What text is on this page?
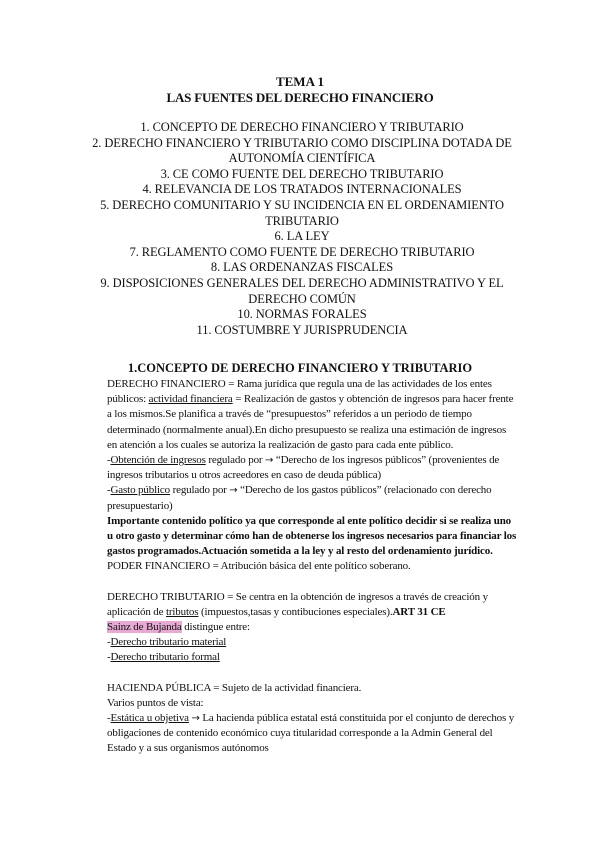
TEMA 1
LAS FUENTES DEL DERECHO FINANCIERO
1. CONCEPTO DE DERECHO FINANCIERO Y TRIBUTARIO
2. DERECHO FINANCIERO Y TRIBUTARIO COMO DISCIPLINA DOTADA DE AUTONOMÍA CIENTÍFICA
3. CE COMO FUENTE DEL DERECHO TRIBUTARIO
4. RELEVANCIA DE LOS TRATADOS INTERNACIONALES
5. DERECHO COMUNITARIO Y SU INCIDENCIA EN EL ORDENAMIENTO TRIBUTARIO
6. LA LEY
7. REGLAMENTO COMO FUENTE DE DERECHO TRIBUTARIO
8. LAS ORDENANZAS FISCALES
9. DISPOSICIONES GENERALES DEL DERECHO ADMINISTRATIVO Y EL DERECHO COMÚN
10. NORMAS FORALES
11. COSTUMBRE Y JURISPRUDENCIA
1.CONCEPTO DE DERECHO FINANCIERO Y TRIBUTARIO
DERECHO FINANCIERO = Rama jurídica que regula una de las actividades de los entes públicos: actividad financiera = Realización de gastos y obtención de ingresos para hacer frente a los mismos.Se planifica a través de “presupuestos” referidos a un periodo de tiempo determinado (normalmente anual).En dicho presupuesto se realiza una estimación de ingresos en atención a los cuales se autoriza la realización de gasto para cada ente público.
-Obtención de ingresos regulado por → “Derecho de los ingresos públicos” (provenientes de ingresos tributarios u otros acreedores en caso de deuda pública)
-Gasto público regulado por → “Derecho de los gastos públicos” (relacionado con derecho presupuestario)
Importante contenido político ya que corresponde al ente político decidir si se realiza uno u otro gasto y determinar cómo han de obtenerse los ingresos necesarios para financiar los gastos programados.Actuación sometida a la ley y al resto del ordenamiento jurídico.
PODER FINANCIERO = Atribución básica del ente político soberano.
DERECHO TRIBUTARIO = Se centra en la obtención de ingresos a través de creación y aplicación de tributos (impuestos,tasas y contibuciones especiales).ART 31 CE
Sainz de Bujanda distingue entre:
-Derecho tributario material
-Derecho tributario formal
HACIENDA PÚBLICA = Sujeto de la actividad financiera.
Varios puntos de vista:
-Estática u objetiva → La hacienda pública estatal está constituida por el conjunto de derechos y obligaciones de contenido económico cuya titularidad corresponde a la Admin General del Estado y a sus organismos autónomos
